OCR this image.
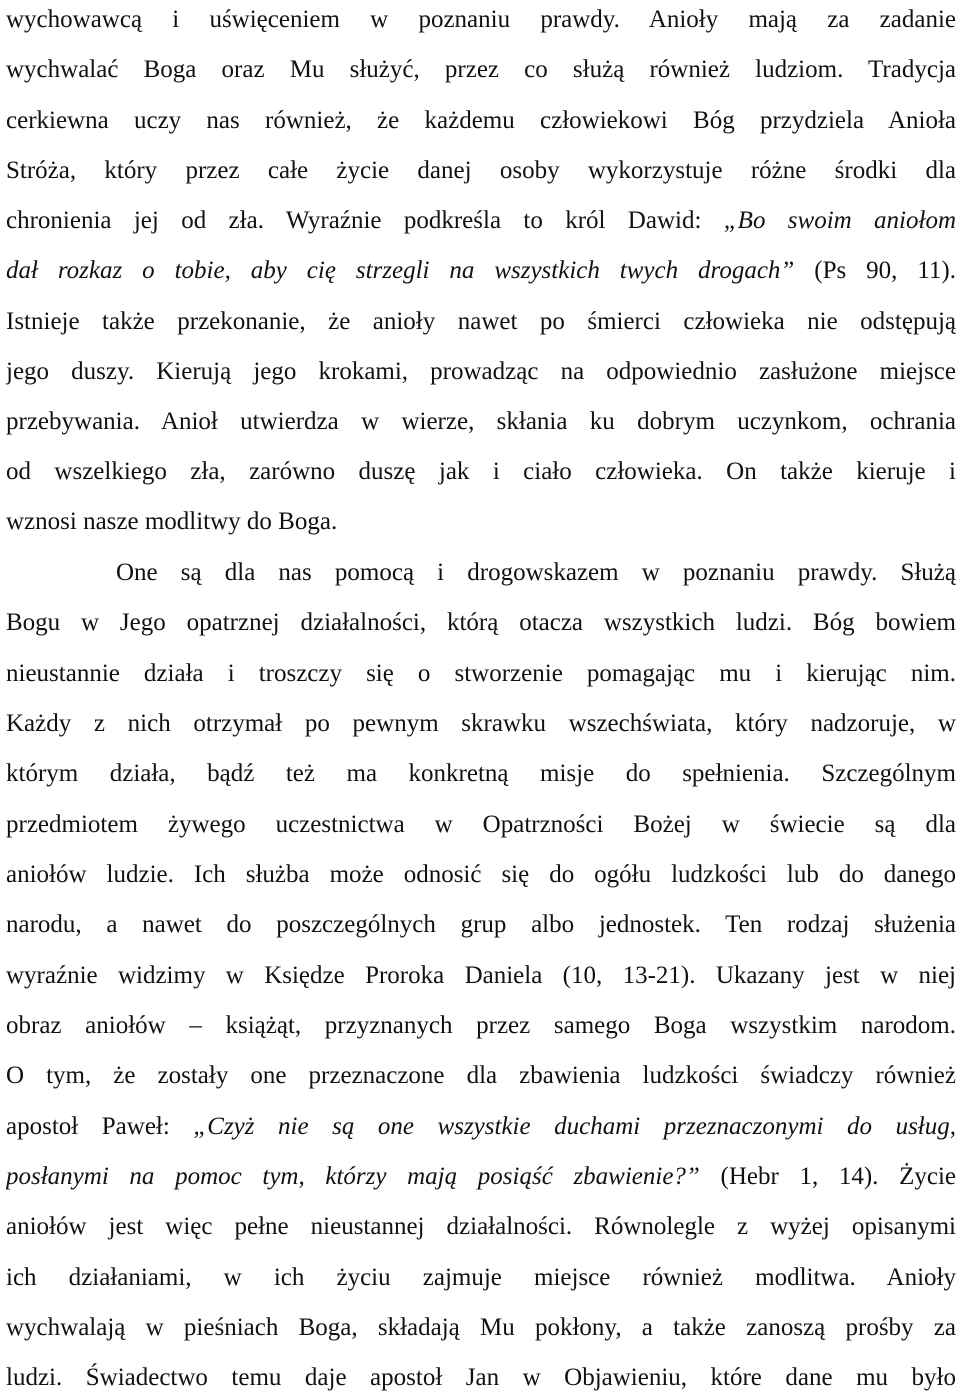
wychowawcą i uświęceniem w poznaniu prawdy. Anioły mają za zadanie
wychwalać Boga oraz Mu służyć, przez co służą również ludziom. Tradycja
cerkiewna uczy nas również, że każdemu człowiekowi Bóg przydziela Anioła
Stróża, który przez całe życie danej osoby wykorzystuje różne środki dla
chronienia jej od zła. Wyraźnie podkreśla to król Dawid: „Bo swoim aniołom
dał rozkaz o tobie, aby cię strzegli na wszystkich twych drogach” (Ps 90, 11).
Istnieje także przekonanie, że anioły nawet po śmierci człowieka nie odstępują
jego duszy. Kierują jego krokami, prowadząc na odpowiednio zasłużone miejsce
przebywania. Anioł utwierdza w wierze, skłania ku dobrym uczynkom, ochrania
od wszelkiego zła, zarówno duszę jak i ciało człowieka. On także kieruje i
wznosi nasze modlitwy do Boga.
One są dla nas pomocą i drogowskazem w poznaniu prawdy. Służą
Bogu w Jego opatrznej działalności, którą otacza wszystkich ludzi. Bóg bowiem
nieustannie działa i troszczy się o stworzenie pomagając mu i kierując nim.
Każdy z nich otrzymał po pewnym skrawku wszechświata, który nadzoruje, w
którym działa, bądź też ma konkretną misje do spełnienia. Szczególnym
przedmiotem żywego uczestnictwa w Opatrzności Bożej w świecie są dla
aniołów ludzie. Ich służba może odnosić się do ogółu ludzkości lub do danego
narodu, a nawet do poszczególnych grup albo jednostek. Ten rodzaj służenia
wyraźnie widzimy w Księdze Proroka Daniela (10, 13-21). Ukazany jest w niej
obraz aniołów – książąt, przyznanych przez samego Boga wszystkim narodom.
O tym, że zostały one przeznaczone dla zbawienia ludzkości świadczy również
apostoł Paweł: „Czyż nie są one wszystkie duchami przeznaczonymi do usług,
posłanymi na pomoc tym, którzy mają posiąść zbawienie?” (Hebr 1, 14). Życie
aniołów jest więc pełne nieustannej działalności. Równolegle z wyżej opisanymi
ich działaniami, w ich życiu zajmuje miejsce również modlitwa. Anioły
wychwalają w pieśniach Boga, składają Mu pokłony, a także zanoszą prośby za
ludzi. Świadectwo temu daje apostoł Jan w Objawieniu, które dane mu było
